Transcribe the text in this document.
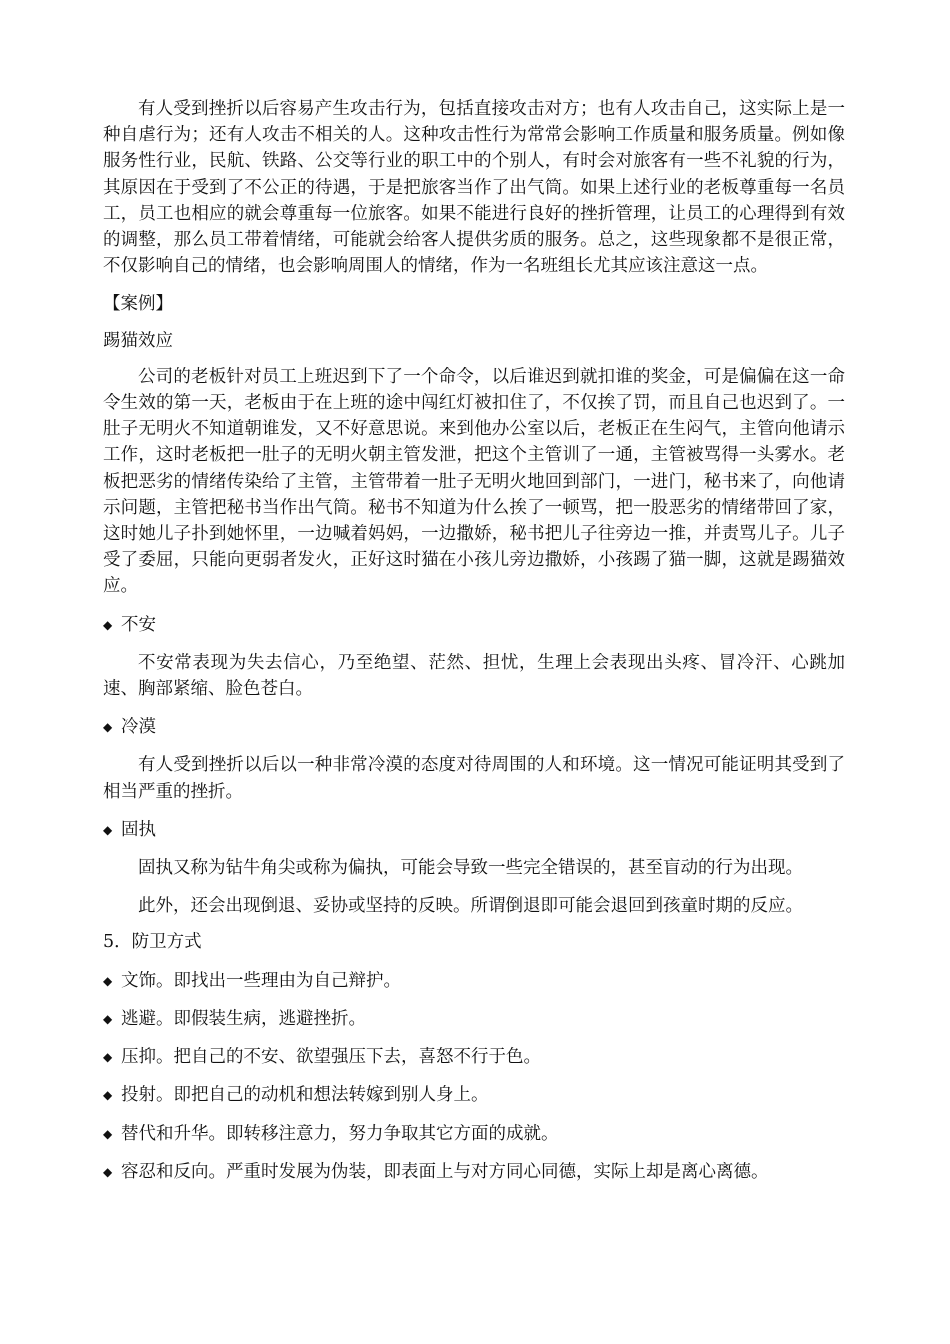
有人受到挫折以后容易产生攻击行为，包括直接攻击对方；也有人攻击自己，这实际上是一种自虐行为；还有人攻击不相关的人。这种攻击性行为常常会影响工作质量和服务质量。例如像服务性行业，民航、铁路、公交等行业的职工中的个别人，有时会对旅客有一些不礼貌的行为，其原因在于受到了不公正的待遇，于是把旅客当作了出气筒。如果上述行业的老板尊重每一名员工，员工也相应的就会尊重每一位旅客。如果不能进行良好的挫折管理，让员工的心理得到有效的调整，那么员工带着情绪，可能就会给客人提供劣质的服务。总之，这些现象都不是很正常，不仅影响自己的情绪，也会影响周围人的情绪，作为一名班组长尤其应该注意这一点。

【案例】

踢猫效应

公司的老板针对员工上班迟到下了一个命令，以后谁迟到就扣谁的奖金，可是偏偏在这一命令生效的第一天，老板由于在上班的途中闯红灯被扣住了，不仅挨了罚，而且自己也迟到了。一肚子无明火不知道朝谁发，又不好意思说。来到他办公室以后，老板正在生闷气，主管向他请示工作，这时老板把一肚子的无明火朝主管发泄，把这个主管训了一通，主管被骂得一头雾水。老板把恶劣的情绪传染给了主管，主管带着一肚子无明火地回到部门，一进门，秘书来了，向他请示问题，主管把秘书当作出气筒。秘书不知道为什么挨了一顿骂，把一股恶劣的情绪带回了家，这时她儿子扑到她怀里，一边喊着妈妈，一边撒娇，秘书把儿子往旁边一推，并责骂儿子。儿子受了委屈，只能向更弱者发火，正好这时猫在小孩儿旁边撒娇，小孩踢了猫一脚，这就是踢猫效应。

◆ 不安

不安常表现为失去信心，乃至绝望、茫然、担忧，生理上会表现出头疼、冒冷汗、心跳加速、胸部紧缩、脸色苍白。

◆ 冷漠

有人受到挫折以后以一种非常冷漠的态度对待周围的人和环境。这一情况可能证明其受到了相当严重的挫折。

◆ 固执

固执又称为钻牛角尖或称为偏执，可能会导致一些完全错误的，甚至盲动的行为出现。

此外，还会出现倒退、妥协或坚持的反映。所谓倒退即可能会退回到孩童时期的反应。

5．防卫方式

◆ 文饰。即找出一些理由为自己辩护。

◆ 逃避。即假装生病，逃避挫折。

◆ 压抑。把自己的不安、欲望强压下去，喜怒不行于色。

◆ 投射。即把自己的动机和想法转嫁到别人身上。

◆ 替代和升华。即转移注意力，努力争取其它方面的成就。

◆ 容忍和反向。严重时发展为伪装，即表面上与对方同心同德，实际上却是离心离德。
